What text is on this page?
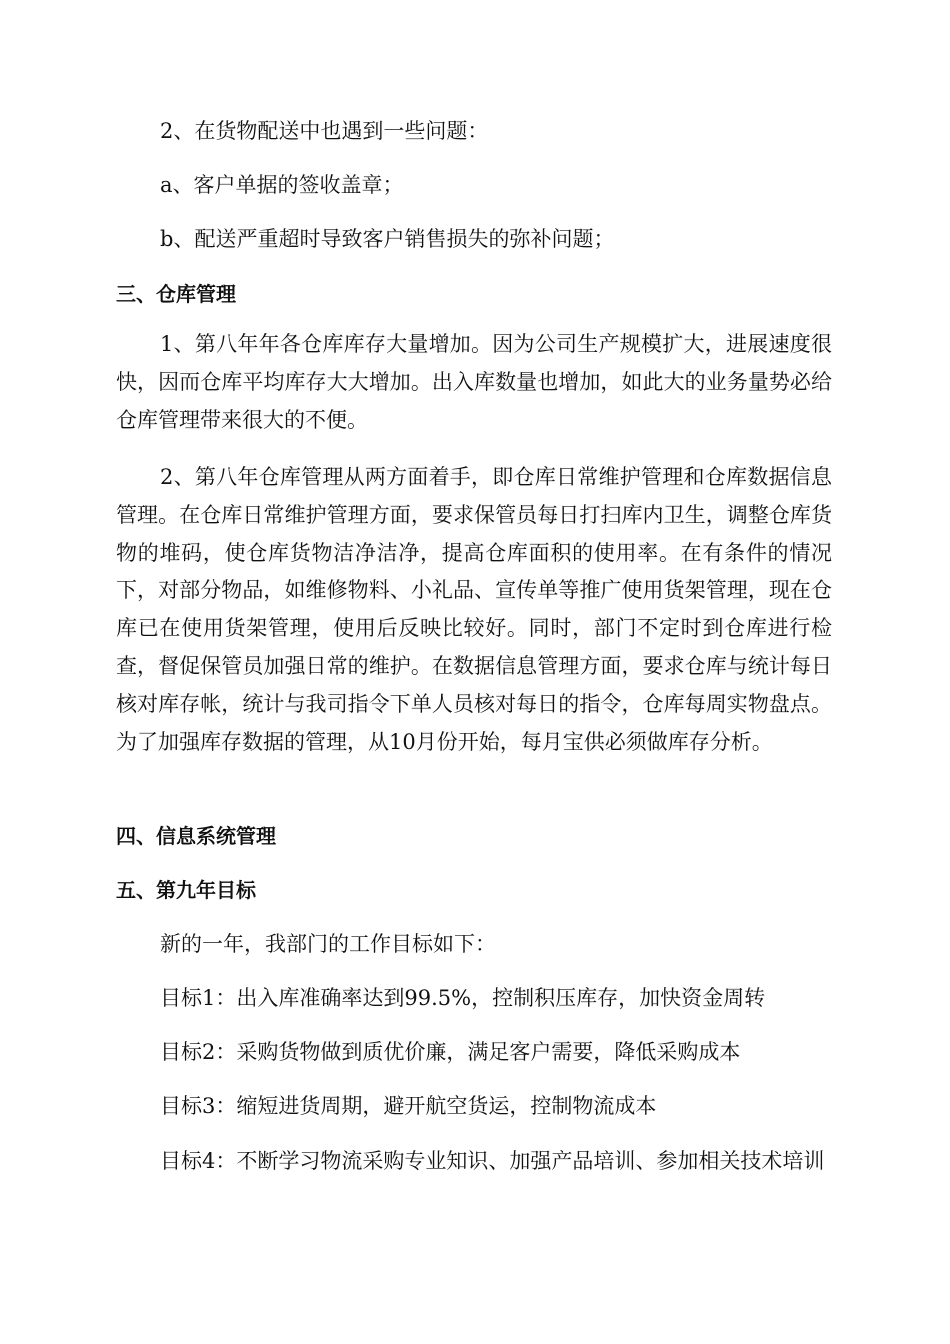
2、在货物配送中也遇到一些问题：
a、客户单据的签收盖章；
b、配送严重超时导致客户销售损失的弥补问题；
三、仓库管理
1、第八年年各仓库库存大量增加。因为公司生产规模扩大，进展速度很快，因而仓库平均库存大大增加。出入库数量也增加，如此大的业务量势必给仓库管理带来很大的不便。
2、第八年仓库管理从两方面着手，即仓库日常维护管理和仓库数据信息管理。在仓库日常维护管理方面，要求保管员每日打扫库内卫生，调整仓库货物的堆码，使仓库货物洁净洁净，提高仓库面积的使用率。在有条件的情况下，对部分物品，如维修物料、小礼品、宣传单等推广使用货架管理，现在仓库已在使用货架管理，使用后反映比较好。同时，部门不定时到仓库进行检查，督促保管员加强日常的维护。在数据信息管理方面，要求仓库与统计每日核对库存帐，统计与我司指令下单人员核对每日的指令，仓库每周实物盘点。为了加强库存数据的管理，从10月份开始，每月宝供必须做库存分析。
四、信息系统管理
五、第九年目标
新的一年，我部门的工作目标如下：
目标1：出入库准确率达到99.5%，控制积压库存，加快资金周转
目标2：采购货物做到质优价廉，满足客户需要，降低采购成本
目标3：缩短进货周期，避开航空货运，控制物流成本
目标4：不断学习物流采购专业知识、加强产品培训、参加相关技术培训
